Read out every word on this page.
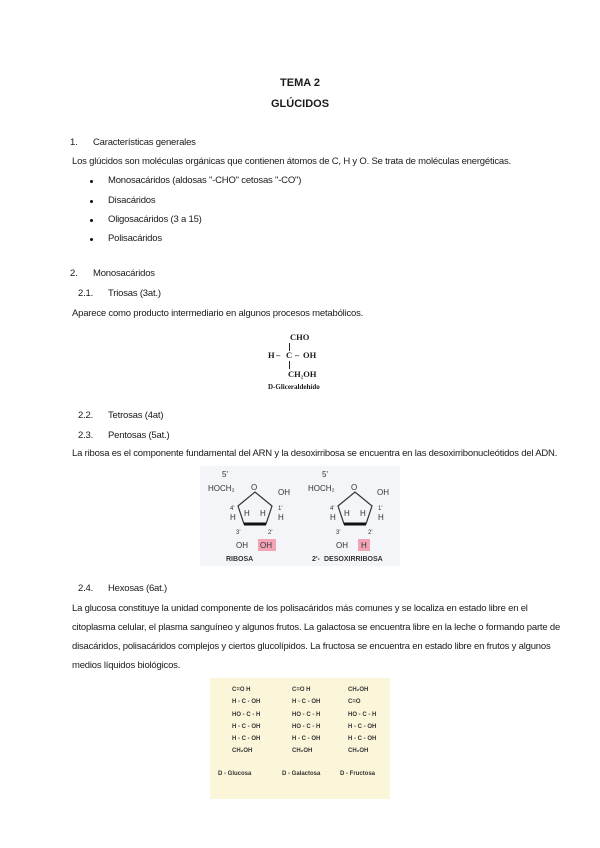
TEMA 2
GLÚCIDOS
1. Características generales
Los glúcidos son moléculas orgánicas que contienen átomos de C, H y O. Se trata de moléculas energéticas.
Monosacáridos (aldosas "-CHO" cetosas "-CO")
Disacáridos
Oligosacáridos (3 a 15)
Polisacáridos
2. Monosacáridos
2.1. Triosas (3at.)
Aparece como producto intermediario en algunos procesos metabólicos.
CHO
H – C – OH
CH₂OH
D-Gliceraldehído
2.2. Tetrosas (4at)
2.3. Pentosas (5at.)
La ribosa es el componente fundamental del ARN y la desoxirribosa se encuentra en las desoxirribonucleótidos del ADN.
5'
HOCH₂ O
OH
4'	1'
H	H
H H
3'	2'
OH OH
RIBOSA
5'
HOCH₂ O
OH
4'	1'
H	H
H H
3'	2'
OH H
2'- DESOXIRRIBOSA
2.4. Hexosas (6at.)
La glucosa constituye la unidad componente de los polisacáridos más comunes y se localiza en estado libre en el
citoplasma celular, el plasma sanguíneo y algunos frutos. La galactosa se encuentra libre en la leche o formando parte de
disacáridos, polisacáridos complejos y ciertos glucolípidos. La fructosa se encuentra en estado libre en frutos y algunos
medios líquidos biológicos.
C=O H
H - C - OH
HO - C - H
H - C - OH
H - C - OH
CH₂OH
D - Glucosa
C=O H
H - C - OH
HO - C - H
HO - C - H
H - C - OH
CH₂OH
D - Galactosa
CH₂OH
C=O
HO - C - H
H - C - OH
H - C - OH
CH₂OH
D - Fructosa
